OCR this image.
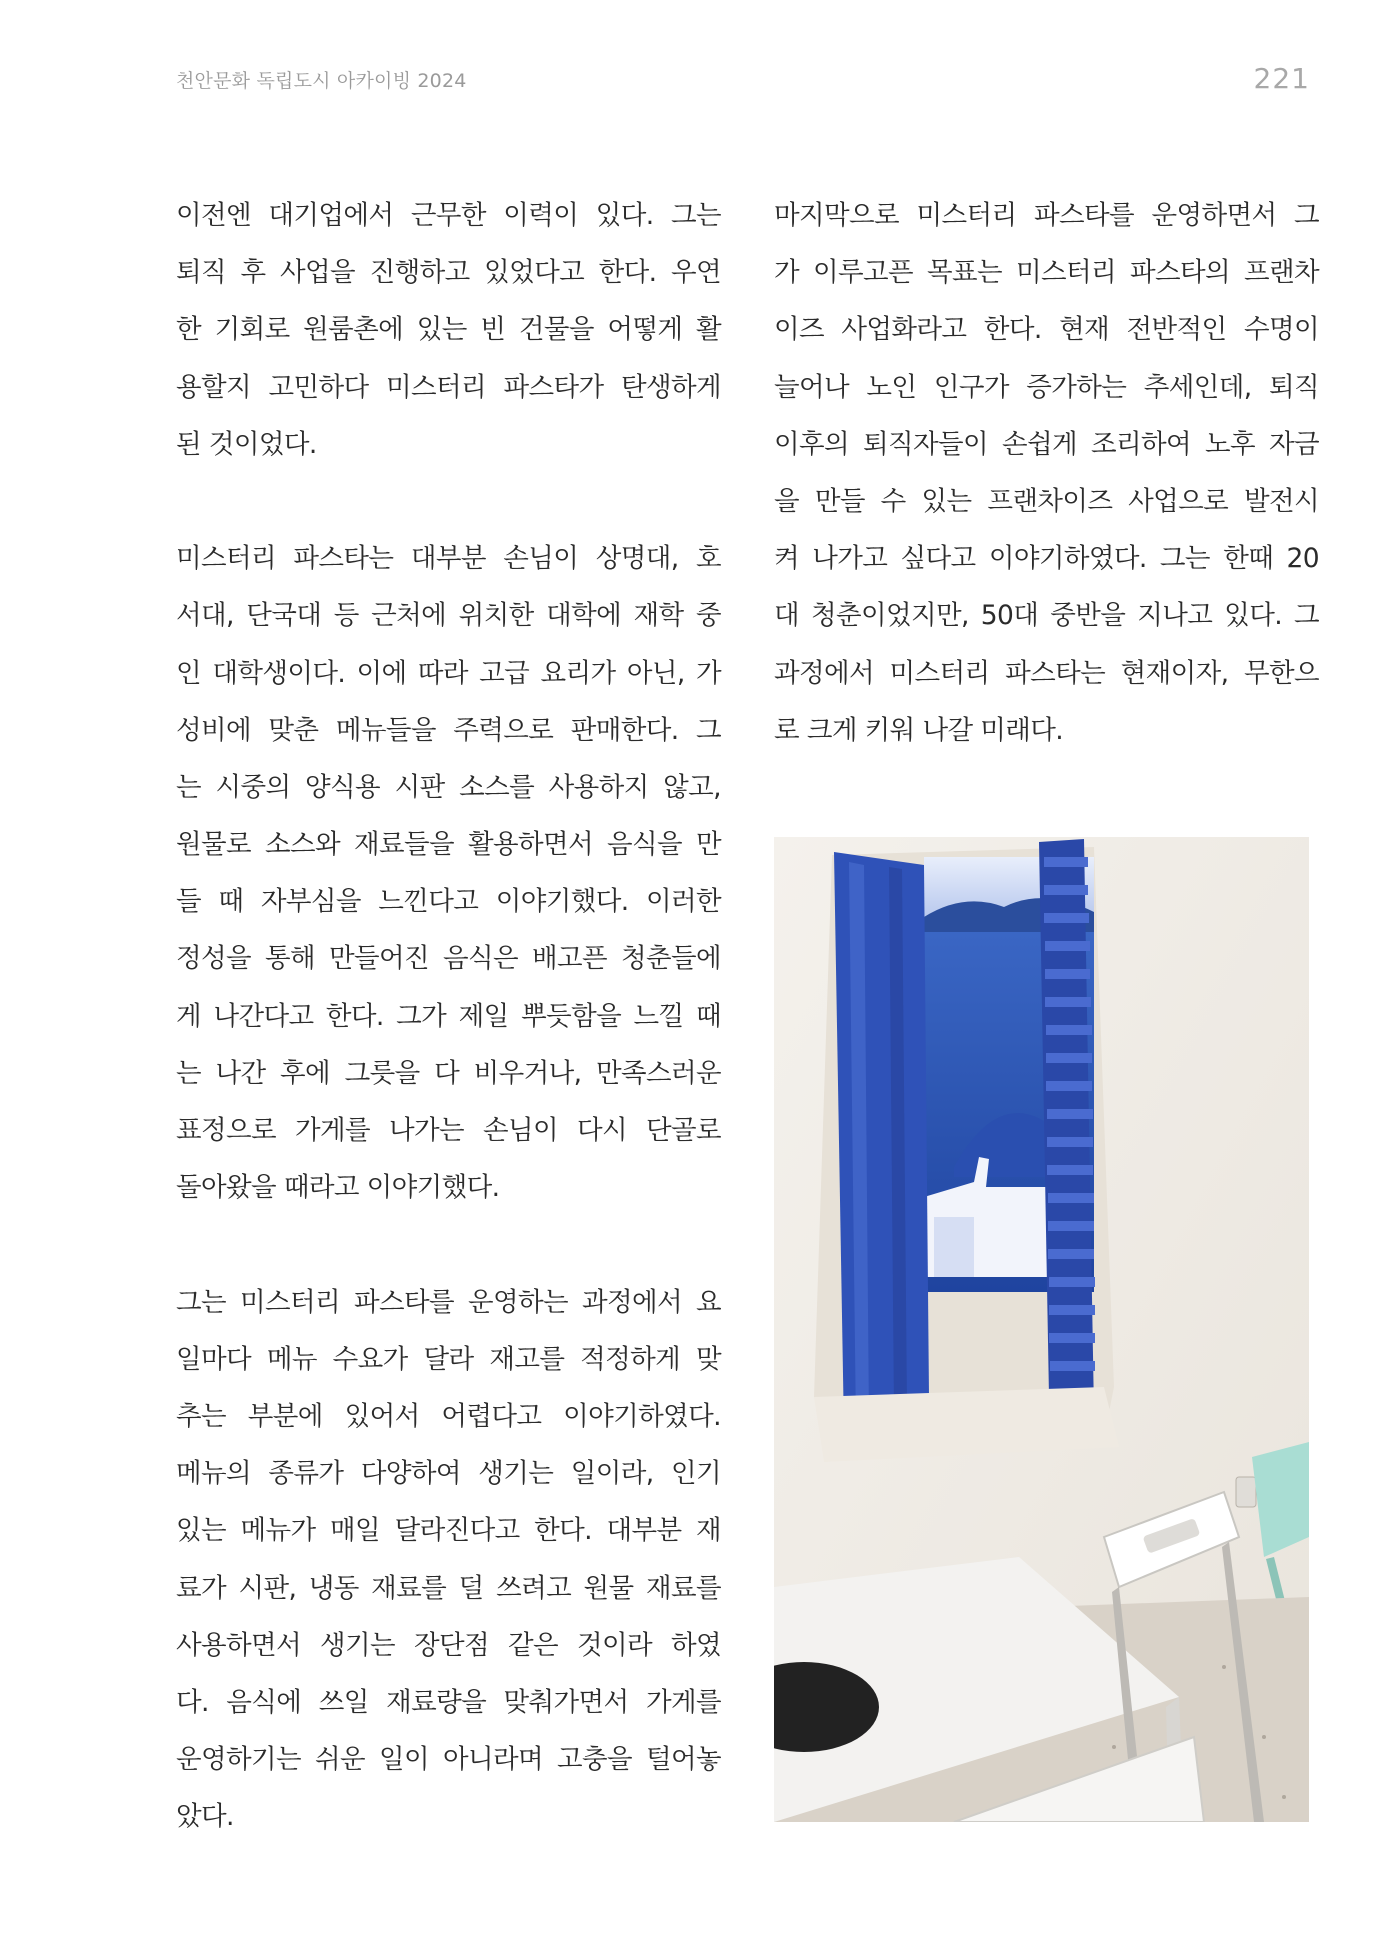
천안문화 독립도시 아카이빙 2024	221
이전엔 대기업에서 근무한 이력이 있다. 그는
퇴직 후 사업을 진행하고 있었다고 한다. 우연
한 기회로 원룸촌에 있는 빈 건물을 어떻게 활
용할지 고민하다 미스터리 파스타가 탄생하게
된 것이었다.
미스터리 파스타는 대부분 손님이 상명대, 호
서대, 단국대 등 근처에 위치한 대학에 재학 중
인 대학생이다. 이에 따라 고급 요리가 아닌, 가
성비에 맞춘 메뉴들을 주력으로 판매한다. 그
는 시중의 양식용 시판 소스를 사용하지 않고,
원물로 소스와 재료들을 활용하면서 음식을 만
들 때 자부심을 느낀다고 이야기했다. 이러한
정성을 통해 만들어진 음식은 배고픈 청춘들에
게 나간다고 한다. 그가 제일 뿌듯함을 느낄 때
는 나간 후에 그릇을 다 비우거나, 만족스러운
표정으로 가게를 나가는 손님이 다시 단골로
돌아왔을 때라고 이야기했다.
그는 미스터리 파스타를 운영하는 과정에서 요
일마다 메뉴 수요가 달라 재고를 적정하게 맞
추는 부분에 있어서 어렵다고 이야기하였다.
메뉴의 종류가 다양하여 생기는 일이라, 인기
있는 메뉴가 매일 달라진다고 한다. 대부분 재
료가 시판, 냉동 재료를 덜 쓰려고 원물 재료를
사용하면서 생기는 장단점 같은 것이라 하였
다. 음식에 쓰일 재료량을 맞춰가면서 가게를
운영하기는 쉬운 일이 아니라며 고충을 털어놓
았다.
마지막으로 미스터리 파스타를 운영하면서 그
가 이루고픈 목표는 미스터리 파스타의 프랜차
이즈 사업화라고 한다. 현재 전반적인 수명이
늘어나 노인 인구가 증가하는 추세인데, 퇴직
이후의 퇴직자들이 손쉽게 조리하여 노후 자금
을 만들 수 있는 프랜차이즈 사업으로 발전시
켜 나가고 싶다고 이야기하였다. 그는 한때 20
대 청춘이었지만, 50대 중반을 지나고 있다. 그
과정에서 미스터리 파스타는 현재이자, 무한으
로 크게 키워 나갈 미래다.
